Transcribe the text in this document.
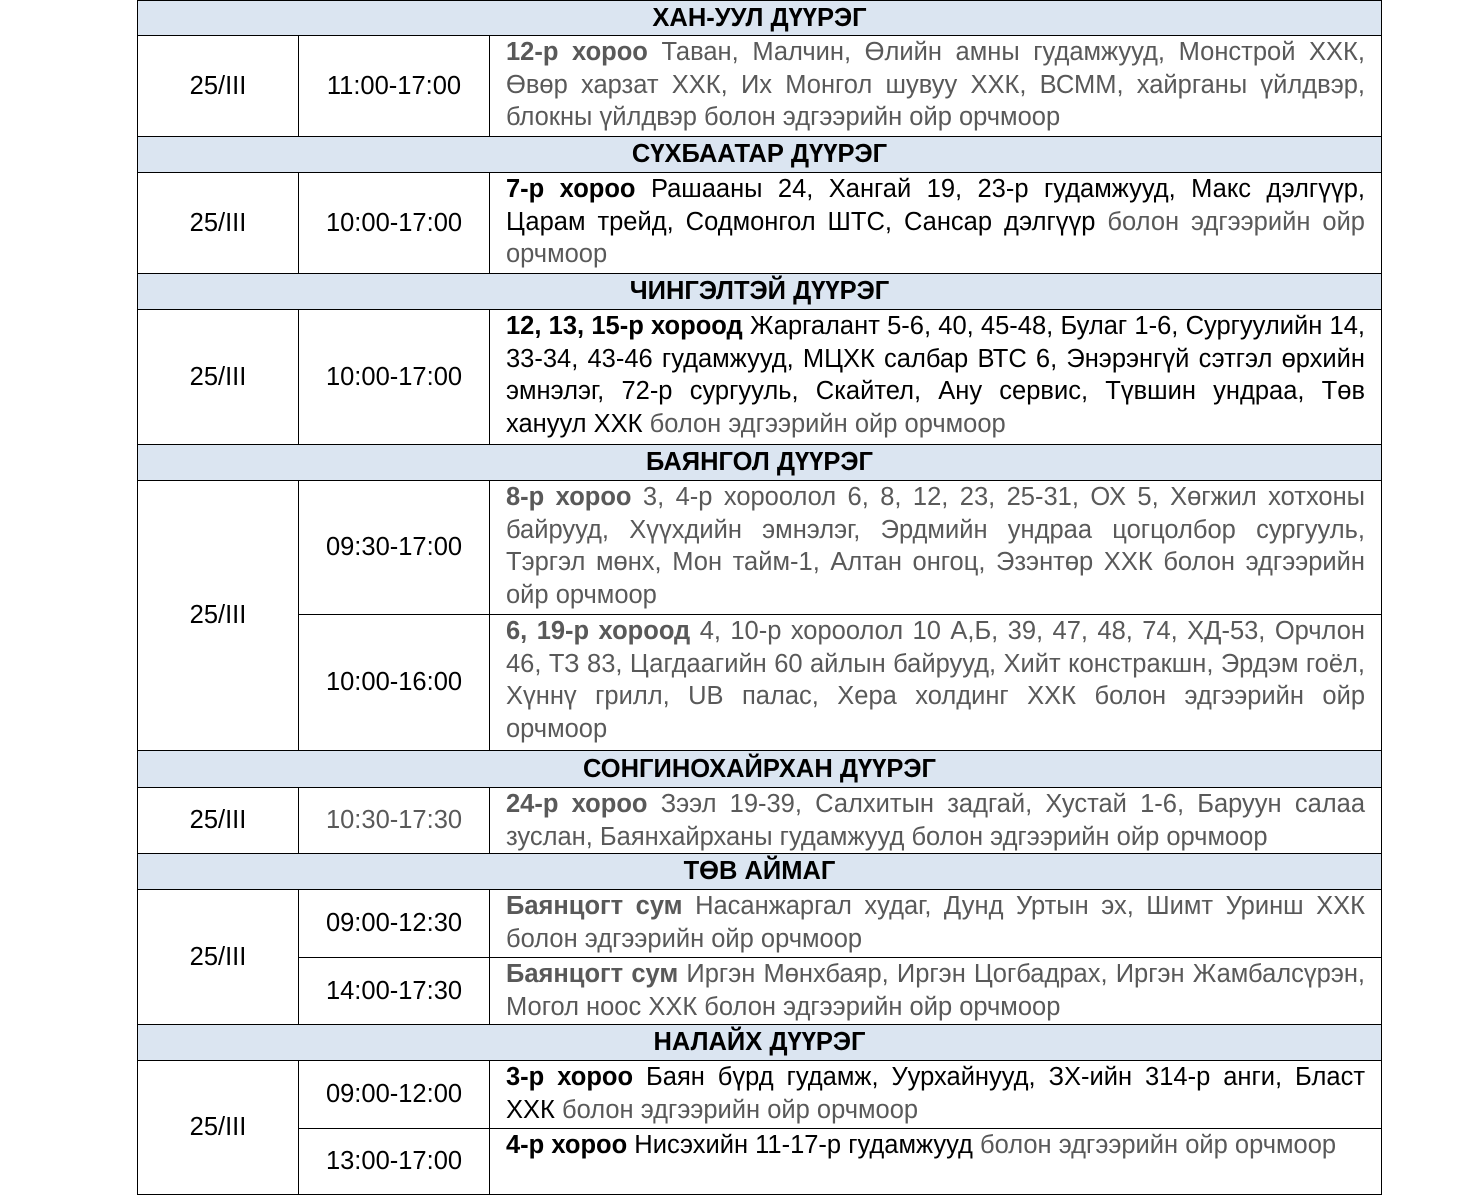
ХАН-УУЛ ДҮҮРЭГ		
25/III	11:00-17:00	12-р хороо Таван, Малчин, Өлийн амны гудамжууд, Монстрой ХХК, Өвөр харзат ХХК, Их Монгол шувуу ХХК, ВСММ, хайрганы үйлдвэр, блокны үйлдвэр болон эдгээрийн ойр орчмоор
СҮХБААТАР ДҮҮРЭГ		
25/III	10:00-17:00	7-р хороо Рашааны 24, Хангай 19, 23-р гудамжууд, Макс дэлгүүр, Царам трейд, Содмонгол ШТС, Сансар дэлгүүр болон эдгээрийн ойр орчмоор
ЧИНГЭЛТЭЙ ДҮҮРЭГ		
25/III	10:00-17:00	12, 13, 15-р хороод Жаргалант 5-6, 40, 45-48, Булаг 1-6, Сургуулийн 14, 33-34, 43-46 гудамжууд, МЦХК салбар ВТС 6, Энэрэнгүй сэтгэл өрхийн эмнэлэг, 72-р сургууль, Скайтел, Ану сервис, Түвшин ундраа, Төв хануул ХХК болон эдгээрийн ойр орчмоор
БАЯНГОЛ ДҮҮРЭГ		
25/III	09:30-17:00	8-р хороо 3, 4-р хороолол 6, 8, 12, 23, 25-31, ОХ 5, Хөгжил хотхоны байрууд, Хүүхдийн эмнэлэг, Эрдмийн ундраа цогцолбор сургууль, Тэргэл мөнх, Мон тайм-1, Алтан онгоц, Эзэнтөр ХХК болон эдгээрийн ойр орчмоор
	10:00-16:00	6, 19-р хороод 4, 10-р хороолол 10 А,Б, 39, 47, 48, 74, ХД-53, Орчлон 46, ТЗ 83, Цагдаагийн 60 айлын байрууд, Хийт констракшн, Эрдэм гоёл, Хүннү грилл, UB палас, Хера холдинг ХХК болон эдгээрийн ойр орчмоор
СОНГИНОХАЙРХАН ДҮҮРЭГ		
25/III	10:30-17:30	24-р хороо Зээл 19-39, Салхитын задгай, Хустай 1-6, Баруун салаа зуслан, Баянхайрханы гудамжууд болон эдгээрийн ойр орчмоор
ТӨВ АЙМАГ		
25/III	09:00-12:30	Баянцогт сум Насанжаргал худаг, Дунд Уртын эх, Шимт Уринш ХХК болон эдгээрийн ойр орчмоор
	14:00-17:30	Баянцогт сум Иргэн Мөнхбаяр, Иргэн Цогбадрах, Иргэн Жамбалсүрэн, Могол ноос ХХК болон эдгээрийн ойр орчмоор
НАЛАЙХ ДҮҮРЭГ		
25/III	09:00-12:00	3-р хороо Баян бүрд гудамж, Уурхайнууд, ЗХ-ийн 314-р анги, Бласт ХХК болон эдгээрийн ойр орчмоор
	13:00-17:00	4-р хороо Нисэхийн 11-17-р гудамжууд болон эдгээрийн ойр орчмоор
